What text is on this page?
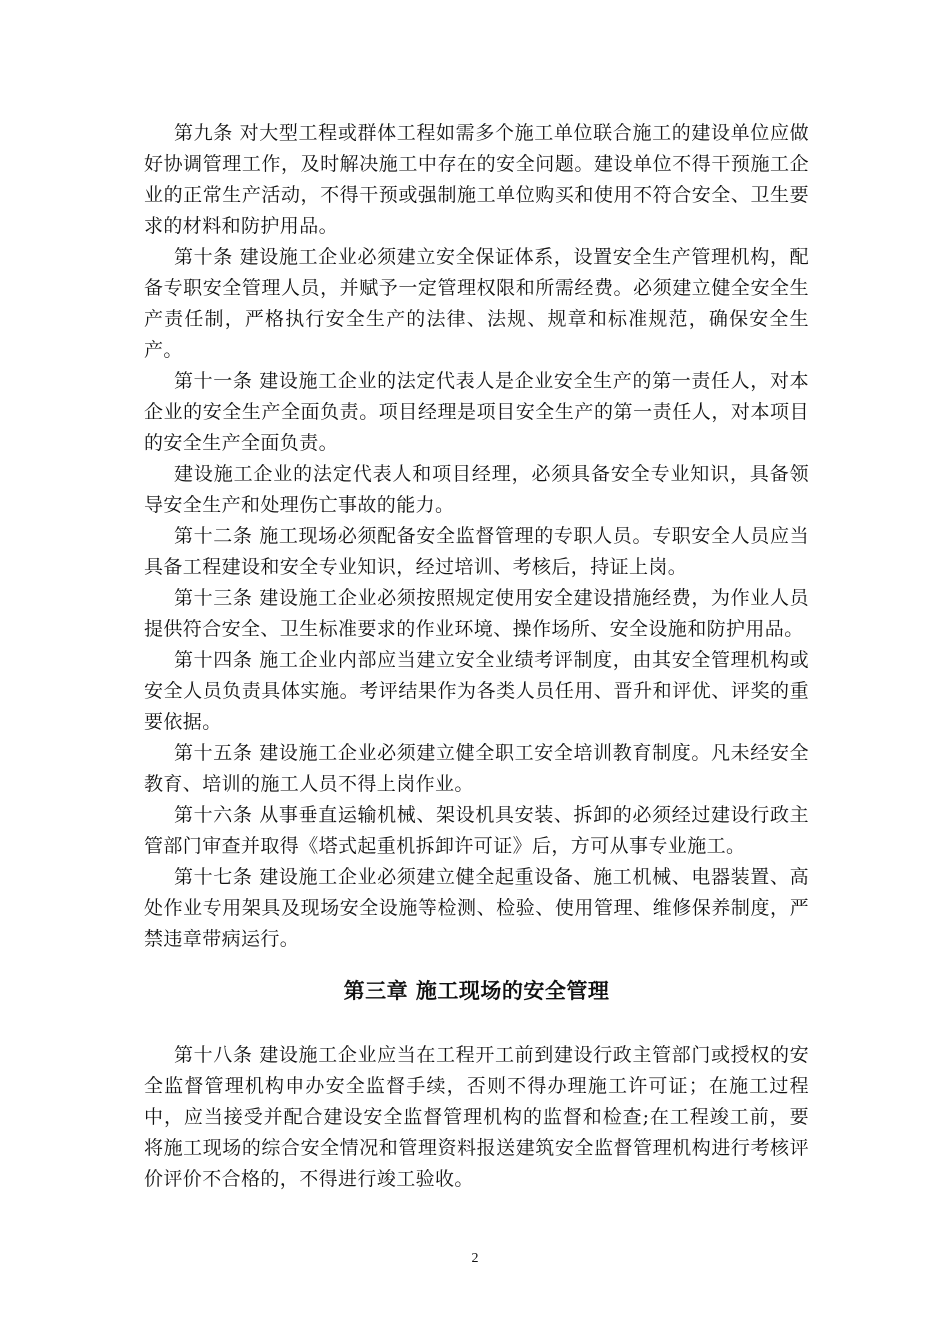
第九条 对大型工程或群体工程如需多个施工单位联合施工的建设单位应做好协调管理工作，及时解决施工中存在的安全问题。建设单位不得干预施工企业的正常生产活动，不得干预或强制施工单位购买和使用不符合安全、卫生要求的材料和防护用品。

第十条 建设施工企业必须建立安全保证体系，设置安全生产管理机构，配备专职安全管理人员，并赋予一定管理权限和所需经费。必须建立健全安全生产责任制，严格执行安全生产的法律、法规、规章和标准规范，确保安全生产。

第十一条 建设施工企业的法定代表人是企业安全生产的第一责任人，对本企业的安全生产全面负责。项目经理是项目安全生产的第一责任人，对本项目的安全生产全面负责。

建设施工企业的法定代表人和项目经理，必须具备安全专业知识，具备领导安全生产和处理伤亡事故的能力。

第十二条 施工现场必须配备安全监督管理的专职人员。专职安全人员应当具备工程建设和安全专业知识，经过培训、考核后，持证上岗。

第十三条 建设施工企业必须按照规定使用安全建设措施经费，为作业人员提供符合安全、卫生标准要求的作业环境、操作场所、安全设施和防护用品。

第十四条 施工企业内部应当建立安全业绩考评制度，由其安全管理机构或安全人员负责具体实施。考评结果作为各类人员任用、晋升和评优、评奖的重要依据。

第十五条 建设施工企业必须建立健全职工安全培训教育制度。凡未经安全教育、培训的施工人员不得上岗作业。

第十六条 从事垂直运输机械、架设机具安装、拆卸的必须经过建设行政主管部门审查并取得《塔式起重机拆卸许可证》后，方可从事专业施工。

第十七条 建设施工企业必须建立健全起重设备、施工机械、电器装置、高处作业专用架具及现场安全设施等检测、检验、使用管理、维修保养制度，严禁违章带病运行。

第三章 施工现场的安全管理

第十八条 建设施工企业应当在工程开工前到建设行政主管部门或授权的安全监督管理机构申办安全监督手续，否则不得办理施工许可证；在施工过程中，应当接受并配合建设安全监督管理机构的监督和检查;在工程竣工前，要将施工现场的综合安全情况和管理资料报送建筑安全监督管理机构进行考核评价评价不合格的，不得进行竣工验收。

2
